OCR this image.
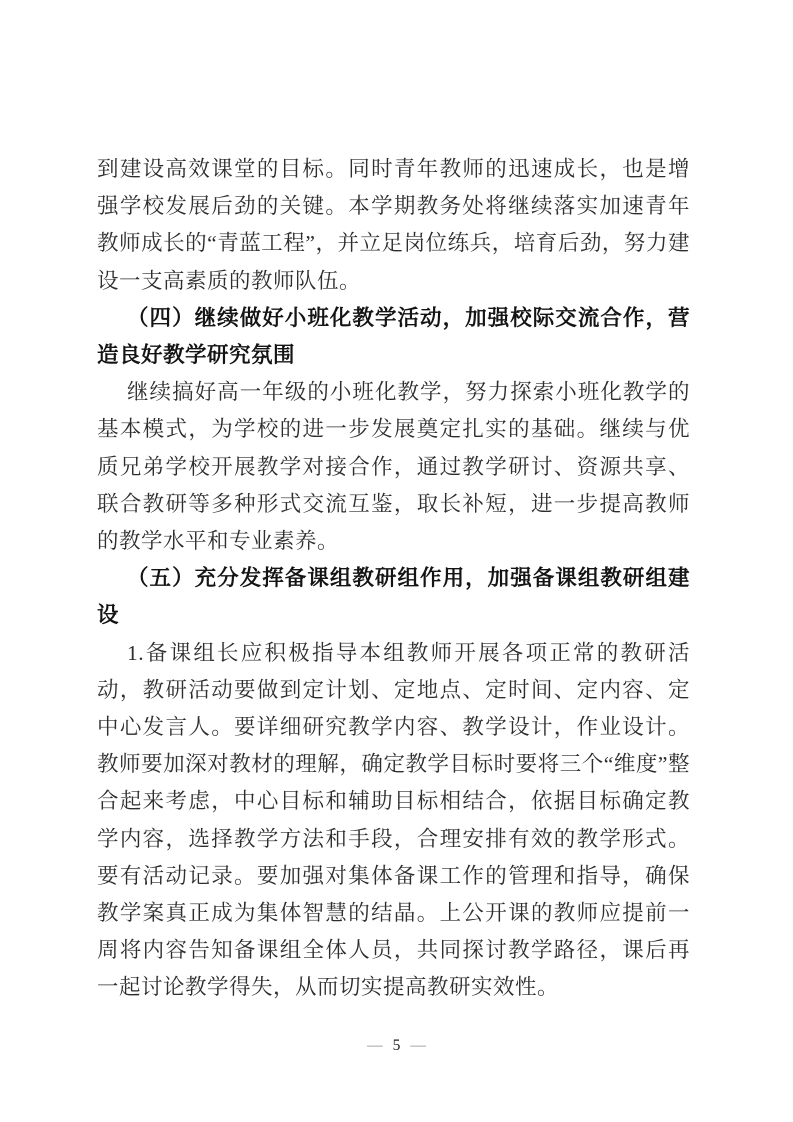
到建设高效课堂的目标。同时青年教师的迅速成长，也是增强学校发展后劲的关键。本学期教务处将继续落实加速青年教师成长的“青蓝工程”，并立足岗位练兵，培育后劲，努力建设一支高素质的教师队伍。

（四）继续做好小班化教学活动，加强校际交流合作，营造良好教学研究氛围

继续搞好高一年级的小班化教学，努力探索小班化教学的基本模式，为学校的进一步发展奠定扎实的基础。继续与优质兄弟学校开展教学对接合作，通过教学研讨、资源共享、联合教研等多种形式交流互鉴，取长补短，进一步提高教师的教学水平和专业素养。

（五）充分发挥备课组教研组作用，加强备课组教研组建设

1.备课组长应积极指导本组教师开展各项正常的教研活动，教研活动要做到定计划、定地点、定时间、定内容、定中心发言人。要详细研究教学内容、教学设计，作业设计。教师要加深对教材的理解，确定教学目标时要将三个“维度”整合起来考虑，中心目标和辅助目标相结合，依据目标确定教学内容，选择教学方法和手段，合理安排有效的教学形式。要有活动记录。要加强对集体备课工作的管理和指导，确保教学案真正成为集体智慧的结晶。上公开课的教师应提前一周将内容告知备课组全体人员，共同探讨教学路径，课后再一起讨论教学得失，从而切实提高教研实效性。

— 5 —
